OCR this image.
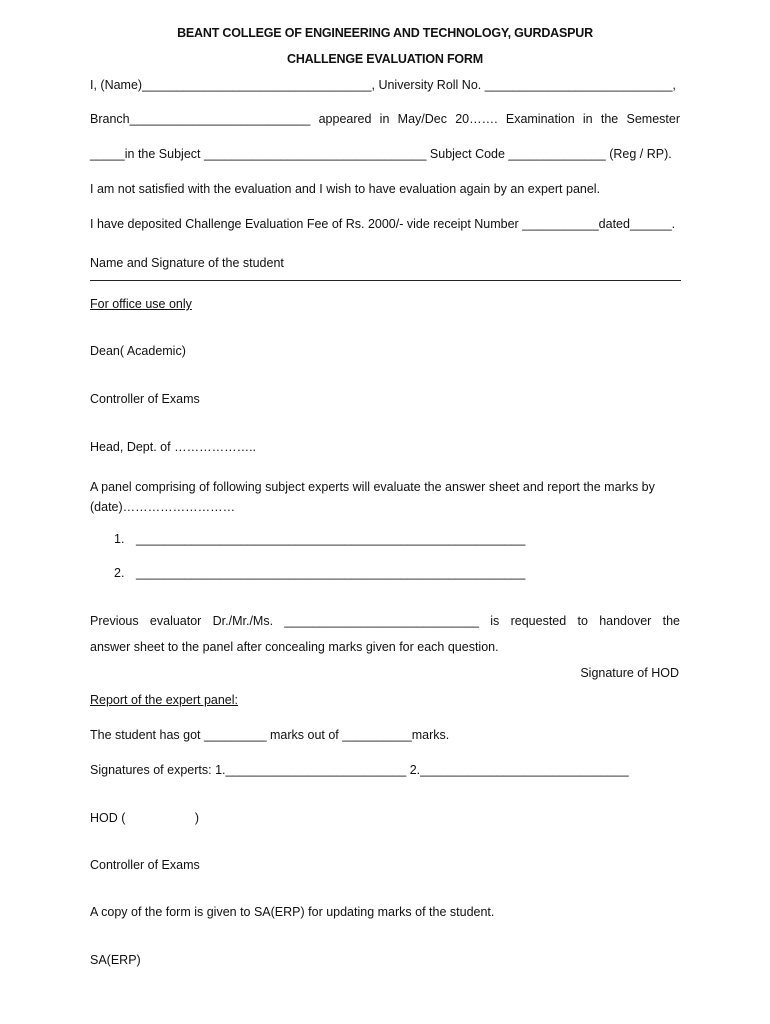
BEANT COLLEGE OF ENGINEERING AND TECHNOLOGY, GURDASPUR
CHALLENGE EVALUATION FORM
I, (Name)_________________________________, University Roll No. ___________________________,
Branch__________________________ appeared in May/Dec 20……. Examination in the Semester
_____in the Subject ________________________________ Subject Code ______________ (Reg / RP).
I am not satisfied with the evaluation and I wish to have evaluation again by an expert panel.
I have deposited Challenge Evaluation Fee of Rs. 2000/- vide receipt Number ___________dated______.
Name and Signature of the student
For office use only
Dean( Academic)
Controller of Exams
Head, Dept. of ………………..
A panel comprising of following subject experts will evaluate the answer sheet and report the marks by
(date)………………………
1. ________________________________________________________
2. ________________________________________________________
Previous evaluator Dr./Mr./Ms. ____________________________ is requested to handover the
answer sheet to the panel after concealing marks given for each question.
Signature of HOD
Report of the expert panel:
The student has got _________ marks out of __________marks.
Signatures of experts: 1.__________________________ 2.______________________________
HOD (                    )
Controller of Exams
A copy of the form is given to SA(ERP) for updating marks of the student.
SA(ERP)
